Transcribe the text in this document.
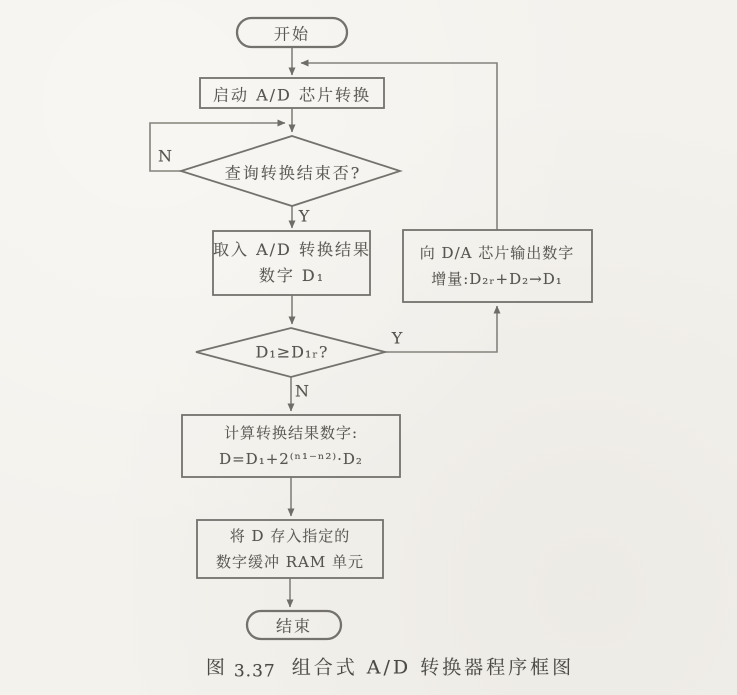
开始
启动 A/D 芯片转换
查询转换结束否?
取入 A/D 转换结果
数字 D₁
向 D/A 芯片输出数字
增量:D₂ᵣ+D₂→D₁
D₁≥D₁ᵣ?
计算转换结果数字:
D=D₁+2⁽ⁿ¹⁻ⁿ²⁾·D₂
将 D 存入指定的
数字缓冲 RAM 单元
结束
N
Y
Y
N
图 3.37 组合式 A/D 转换器程序框图
